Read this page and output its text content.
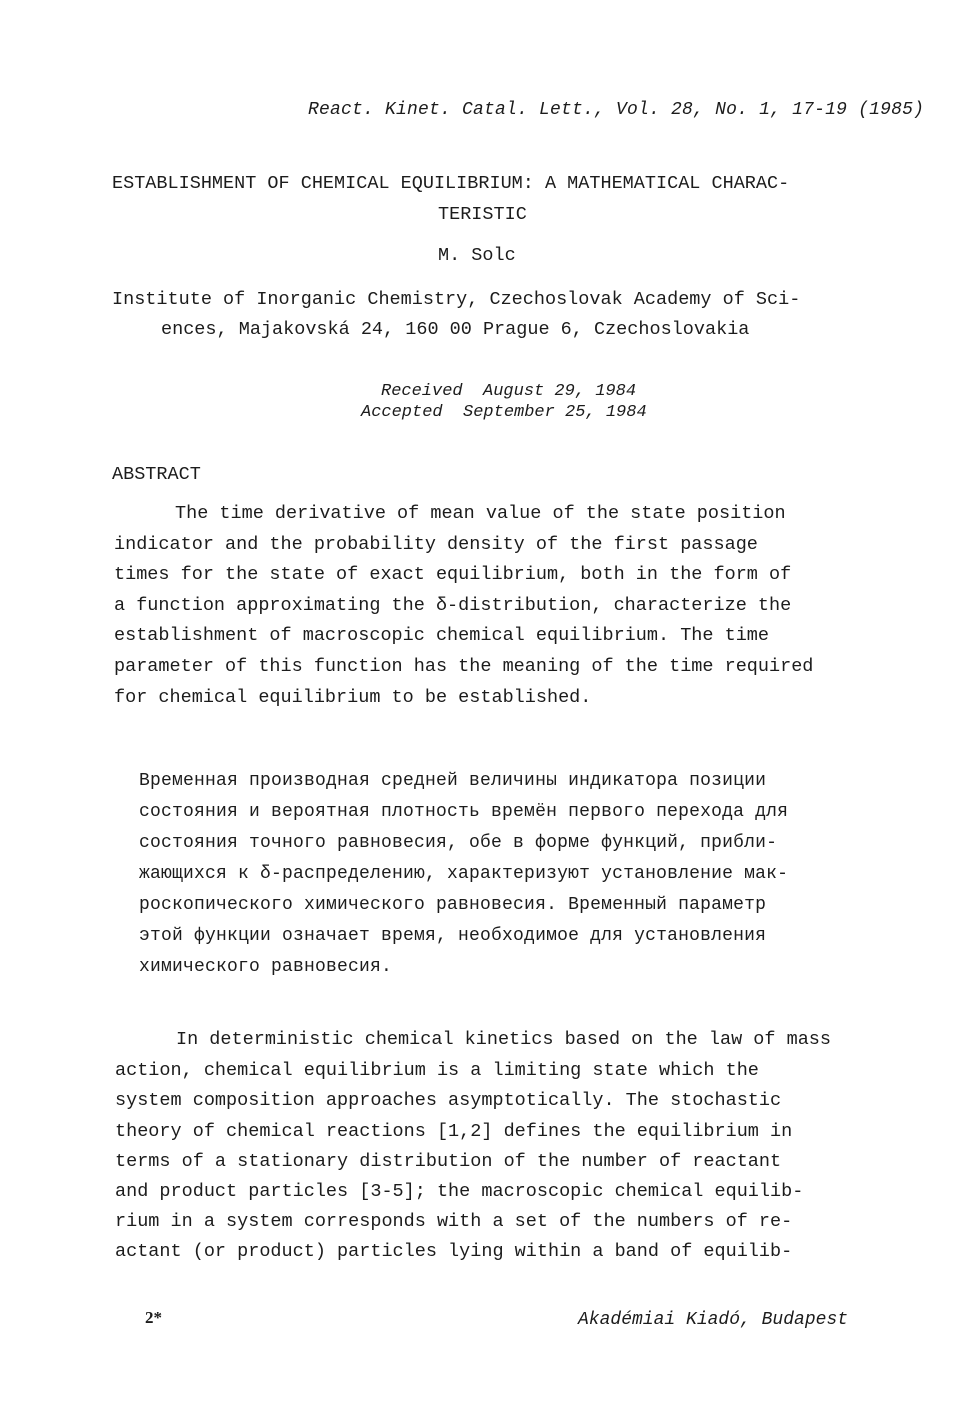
React. Kinet. Catal. Lett., Vol. 28, No. 1, 17-19 (1985)
ESTABLISHMENT OF CHEMICAL EQUILIBRIUM: A MATHEMATICAL CHARAC-
TERISTIC
M. Solc
Institute of Inorganic Chemistry, Czechoslovak Academy of Sci-
ences, Majakovská 24, 160 00 Prague 6, Czechoslovakia
Received  August 29, 1984
Accepted  September 25, 1984
ABSTRACT
The time derivative of mean value of the state position
indicator and the probability density of the first passage
times for the state of exact equilibrium, both in the form of
a function approximating the δ-distribution, characterize the
establishment of macroscopic chemical equilibrium. The time
parameter of this function has the meaning of the time required
for chemical equilibrium to be established.
Временная производная средней величины индикатора позиции
состояния и вероятная плотность времён первого перехода для
состояния точного равновесия, обе в форме функций, прибли-
жающихся к δ-распределению, характеризуют установление мак-
роскопического химического равновесия. Временный параметр
этой функции означает время, необходимое для установления
химического равновесия.
In deterministic chemical kinetics based on the law of mass
action, chemical equilibrium is a limiting state which the
system composition approaches asymptotically. The stochastic
theory of chemical reactions [1,2] defines the equilibrium in
terms of a stationary distribution of the number of reactant
and product particles [3-5]; the macroscopic chemical equilib-
rium in a system corresponds with a set of the numbers of re-
actant (or product) particles lying within a band of equilib-
2*	Akadémiai Kiadó, Budapest
